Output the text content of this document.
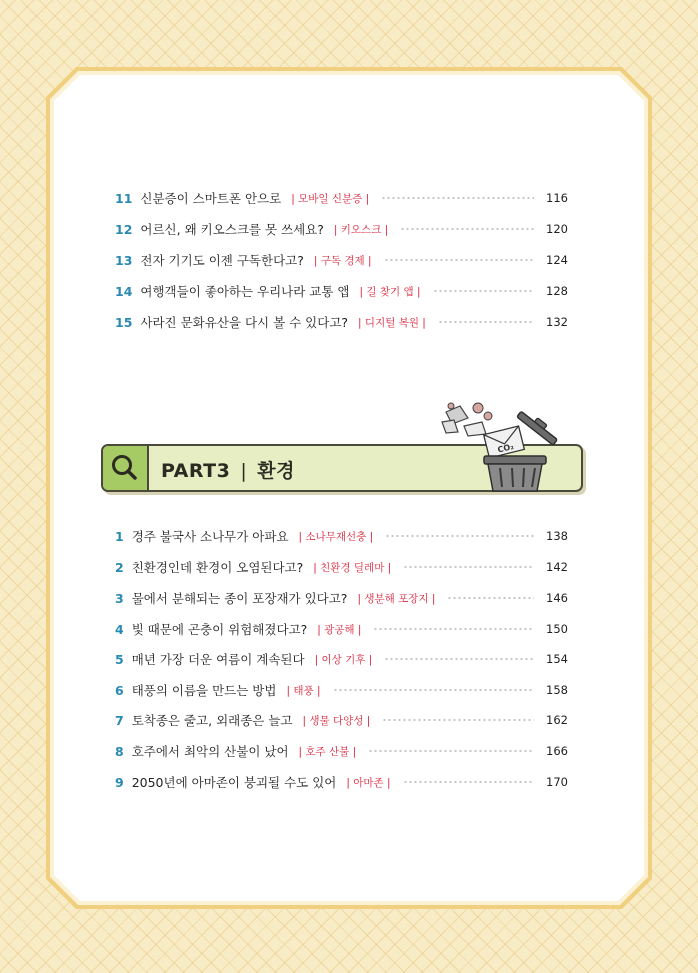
11 신분증이 스마트폰 안으로 | 모바일 신분증 |	116
12 어르신, 왜 키오스크를 못 쓰세요? | 키오스크 |	120
13 전자 기기도 이젠 구독한다고? | 구독 경제 |	124
14 여행객들이 좋아하는 우리나라 교통 앱 | 길 찾기 앱 |	128
15 사라진 문화유산을 다시 볼 수 있다고? | 디지털 복원 |	132
PART3 | 환경
CO₂
1 경주 불국사 소나무가 아파요 | 소나무재선충 |	138
2 친환경인데 환경이 오염된다고? | 친환경 딜레마 |	142
3 물에서 분해되는 종이 포장재가 있다고? | 생분해 포장지 |	146
4 빛 때문에 곤충이 위험해졌다고? | 광공해 |	150
5 매년 가장 더운 여름이 계속된다 | 이상 기후 |	154
6 태풍의 이름을 만드는 방법 | 태풍 |	158
7 토착종은 줄고, 외래종은 늘고 | 생물 다양성 |	162
8 호주에서 최악의 산불이 났어 | 호주 산불 |	166
9 2050년에 아마존이 붕괴될 수도 있어 | 아마존 |	170
